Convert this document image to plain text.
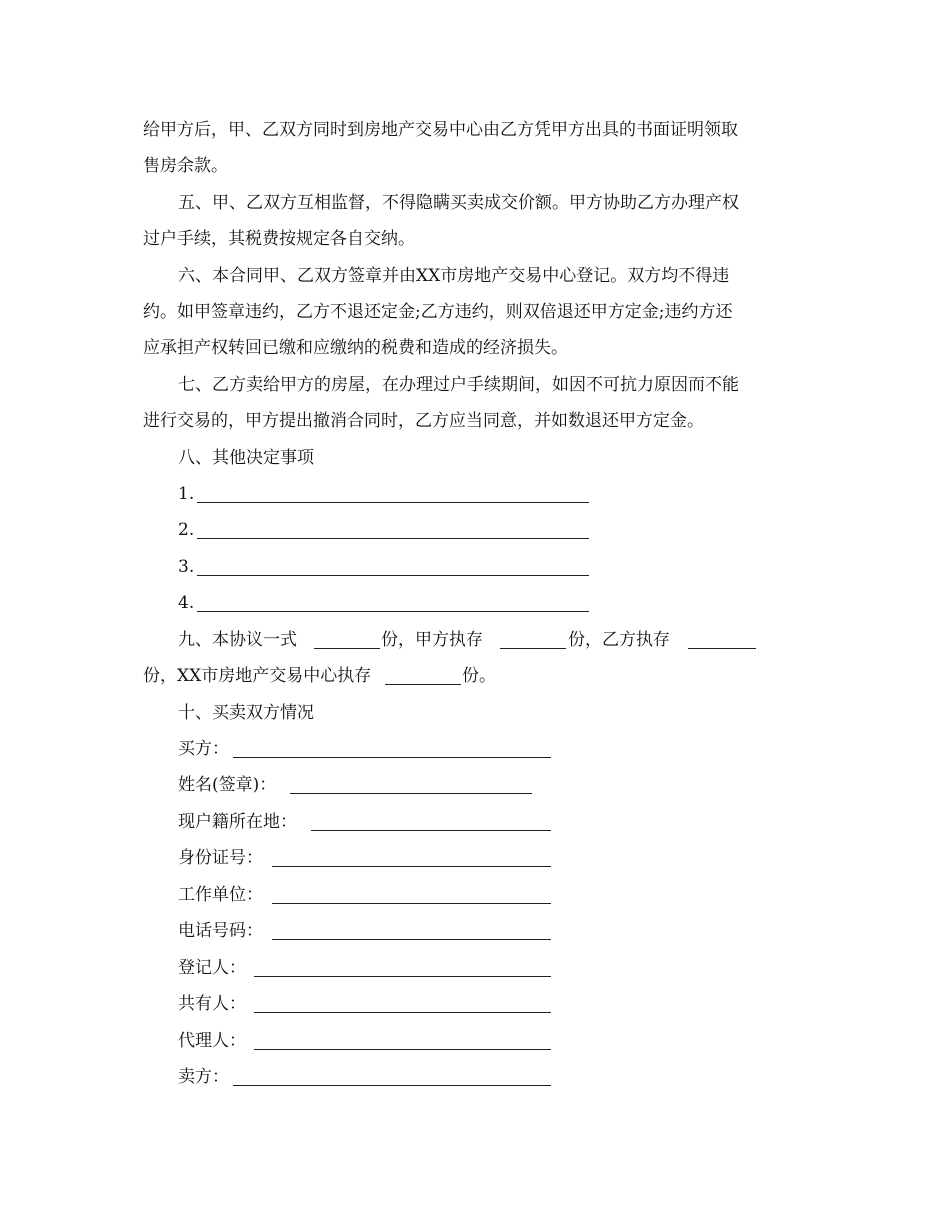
给甲方后，甲、乙双方同时到房地产交易中心由乙方凭甲方出具的书面证明领取
售房余款。
五、甲、乙双方互相监督，不得隐瞒买卖成交价额。甲方协助乙方办理产权
过户手续，其税费按规定各自交纳。
六、本合同甲、乙双方签章并由XX市房地产交易中心登记。双方均不得违
约。如甲签章违约，乙方不退还定金;乙方违约，则双倍退还甲方定金;违约方还
应承担产权转回已缴和应缴纳的税费和造成的经济损失。
七、乙方卖给甲方的房屋，在办理过户手续期间，如因不可抗力原因而不能
进行交易的，甲方提出撤消合同时，乙方应当同意，并如数退还甲方定金。
八、其他决定事项
1.
2.
3.
4.
九、本协议一式	份，甲方执存	份，乙方执存
份，XX市房地产交易中心执存	份。
十、买卖双方情况
买方：
姓名(签章)：
现户籍所在地：
身份证号：
工作单位：
电话号码：
登记人：
共有人：
代理人：
卖方：
